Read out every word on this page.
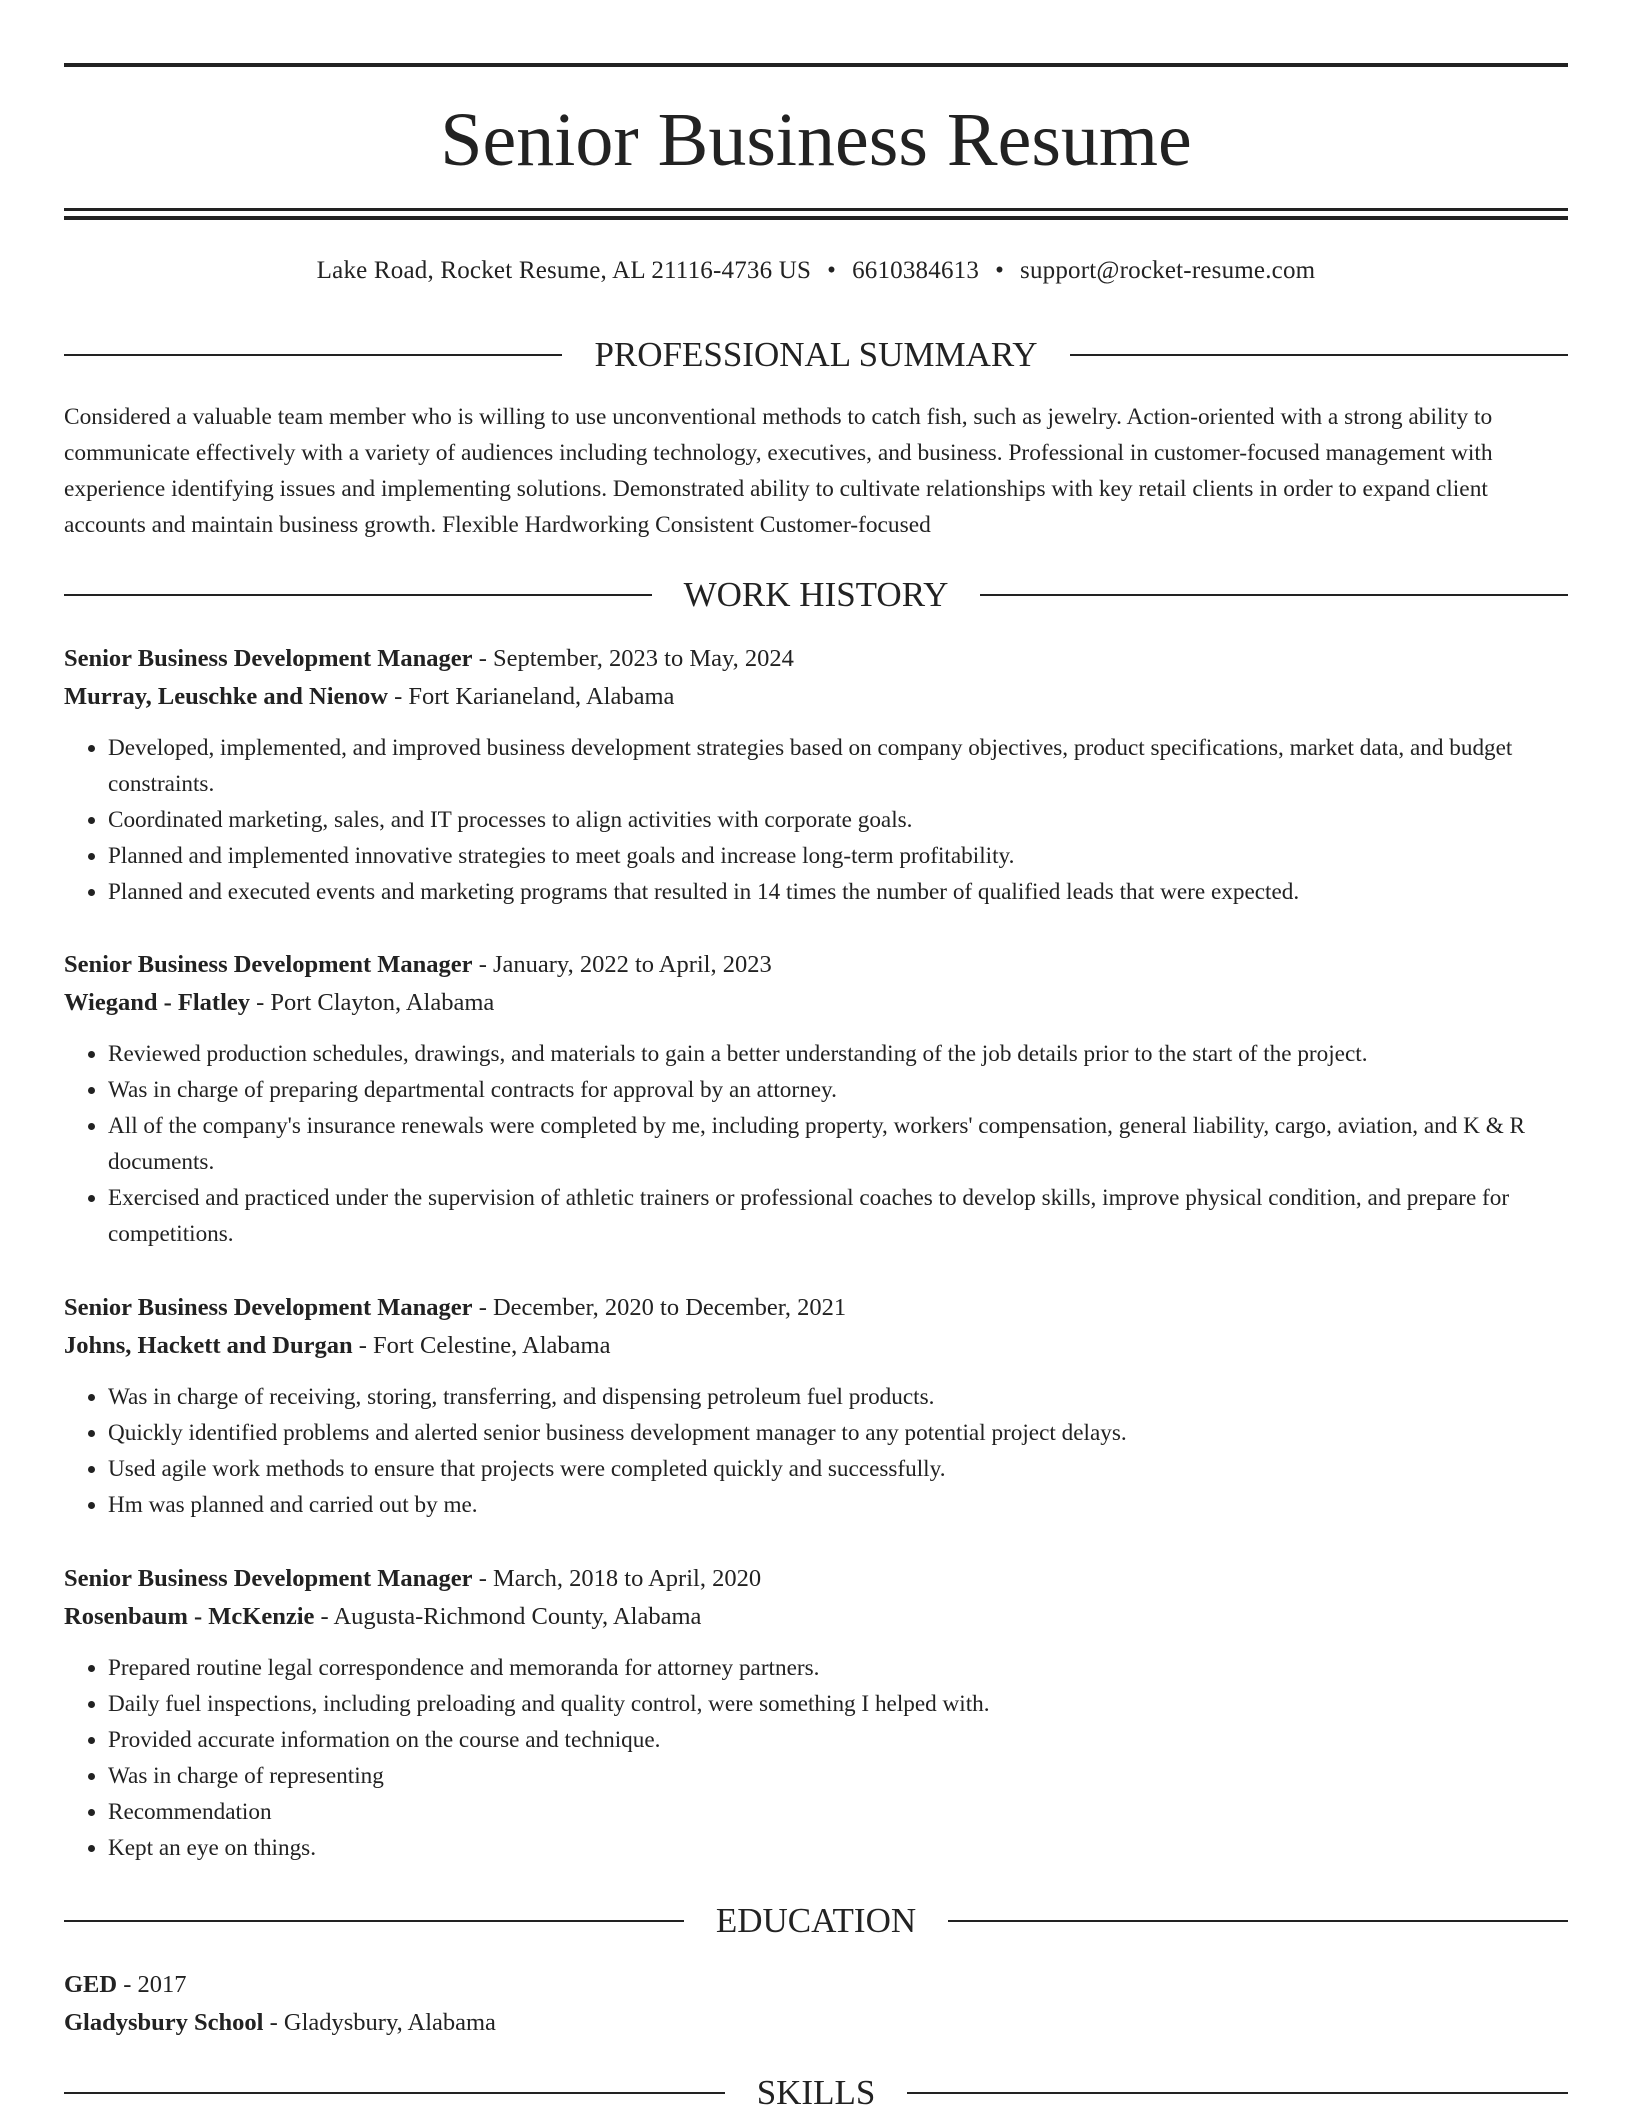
Senior Business Resume
Lake Road, Rocket Resume, AL 21116-4736 US • 6610384613 • support@rocket-resume.com
PROFESSIONAL SUMMARY

Considered a valuable team member who is willing to use unconventional methods to catch fish, such as jewelry. Action-oriented with a strong ability to communicate effectively with a variety of audiences including technology, executives, and business. Professional in customer-focused management with experience identifying issues and implementing solutions. Demonstrated ability to cultivate relationships with key retail clients in order to expand client accounts and maintain business growth. Flexible Hardworking Consistent Customer-focused

WORK HISTORY
Senior Business Development Manager - September, 2023 to May, 2024
Murray, Leuschke and Nienow - Fort Karianeland, Alabama
• Developed, implemented, and improved business development strategies based on company objectives, product specifications, market data, and budget constraints.
• Coordinated marketing, sales, and IT processes to align activities with corporate goals.
• Planned and implemented innovative strategies to meet goals and increase long-term profitability.
• Planned and executed events and marketing programs that resulted in 14 times the number of qualified leads that were expected.
Senior Business Development Manager - January, 2022 to April, 2023
Wiegand - Flatley - Port Clayton, Alabama
• Reviewed production schedules, drawings, and materials to gain a better understanding of the job details prior to the start of the project.
• Was in charge of preparing departmental contracts for approval by an attorney.
• All of the company's insurance renewals were completed by me, including property, workers' compensation, general liability, cargo, aviation, and K & R documents.
• Exercised and practiced under the supervision of athletic trainers or professional coaches to develop skills, improve physical condition, and prepare for competitions.
Senior Business Development Manager - December, 2020 to December, 2021
Johns, Hackett and Durgan - Fort Celestine, Alabama
• Was in charge of receiving, storing, transferring, and dispensing petroleum fuel products.
• Quickly identified problems and alerted senior business development manager to any potential project delays.
• Used agile work methods to ensure that projects were completed quickly and successfully.
• Hm was planned and carried out by me.
Senior Business Development Manager - March, 2018 to April, 2020
Rosenbaum - McKenzie - Augusta-Richmond County, Alabama
• Prepared routine legal correspondence and memoranda for attorney partners.
• Daily fuel inspections, including preloading and quality control, were something I helped with.
• Provided accurate information on the course and technique.
• Was in charge of representing
• Recommendation
• Kept an eye on things.
EDUCATION
GED - 2017
Gladysbury School - Gladysbury, Alabama
SKILLS
